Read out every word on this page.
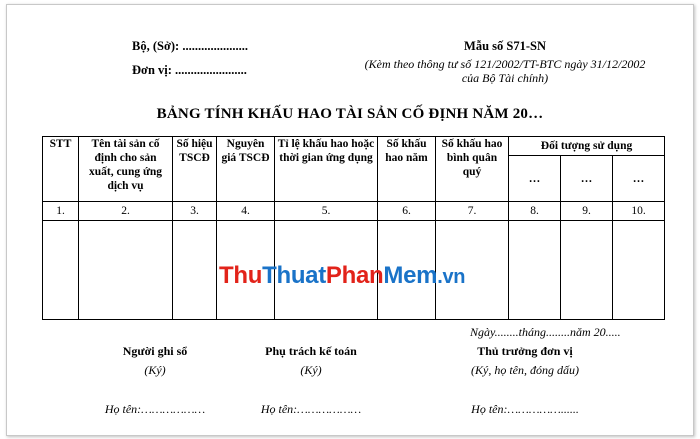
Bộ, (Sở): .....................
Đơn vị: .......................
Mẫu số S71-SN
(Kèm theo thông tư số 121/2002/TT-BTC ngày 31/12/2002
của Bộ Tài chính)
BẢNG TÍNH KHẤU HAO TÀI SẢN CỐ ĐỊNH NĂM 20…
STT	Tên tài sản cố định cho sản xuất, cung ứng dịch vụ	Số hiệu TSCĐ	Nguyên giá TSCĐ	Tỉ lệ khấu hao hoặc thời gian ứng dụng	Số khấu hao năm	Số khấu hao bình quân quý	Đối tượng sử dụng		
							…	…	…
1.	2.	3.	4.	5.	6.	7.	8.	9.	10.

ThuThuatPhanMem.vn
Ngày........tháng........năm 20.....
Người ghi sổ
(Ký)
Họ tên:………………
Phụ trách kế toán
(Ký)
Họ tên:………………
Thủ trưởng đơn vị
(Ký, họ tên, đóng dấu)
Họ tên:……………......
